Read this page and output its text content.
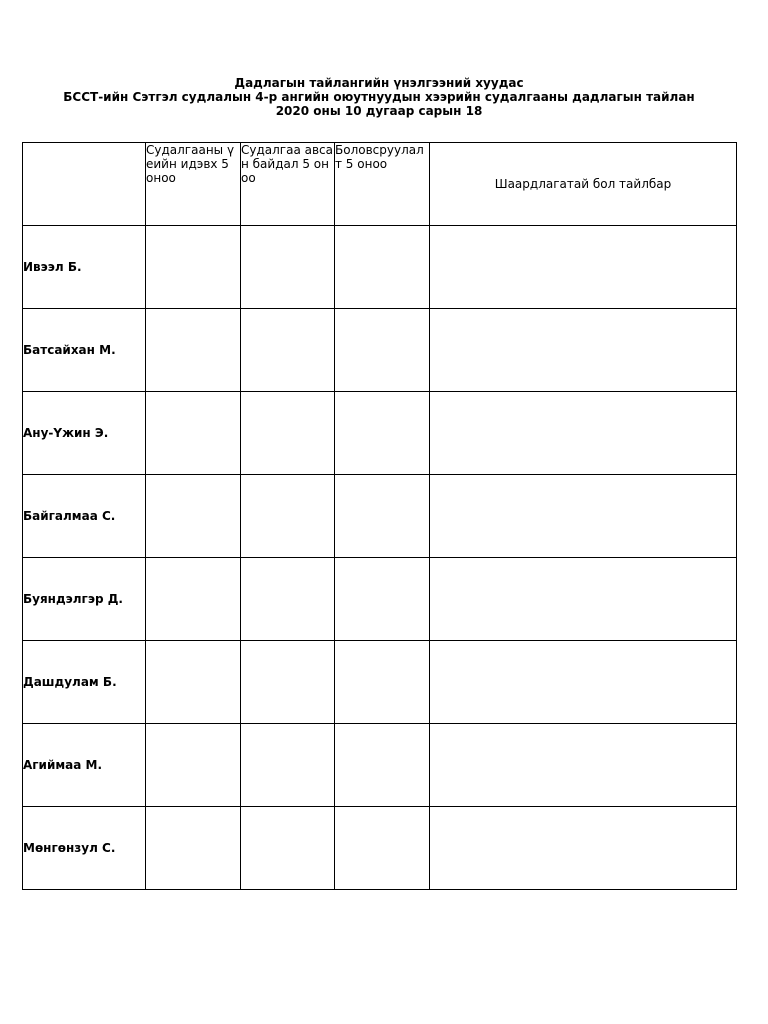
Дадлагын тайлангийн үнэлгээний хуудас
БССТ-ийн Сэтгэл судлалын 4-р ангийн оюутнуудын хээрийн судалгааны дадлагын тайлан
2020 оны 10 дугаар сарын 18
	Судалгааны үеийн идэвх 5 оноо	Судалгаа авсан байдал 5 оноо	Боловсруулалт 5 оноо	Шаардлагатай бол тайлбар
Ивээл Б.				
Батсайхан М.				
Ану-Үжин Э.				
Байгалмаа С.				
Буяндэлгэр Д.				
Дашдулам Б.				
Агиймаа М.				
Мөнгөнзул С.				
